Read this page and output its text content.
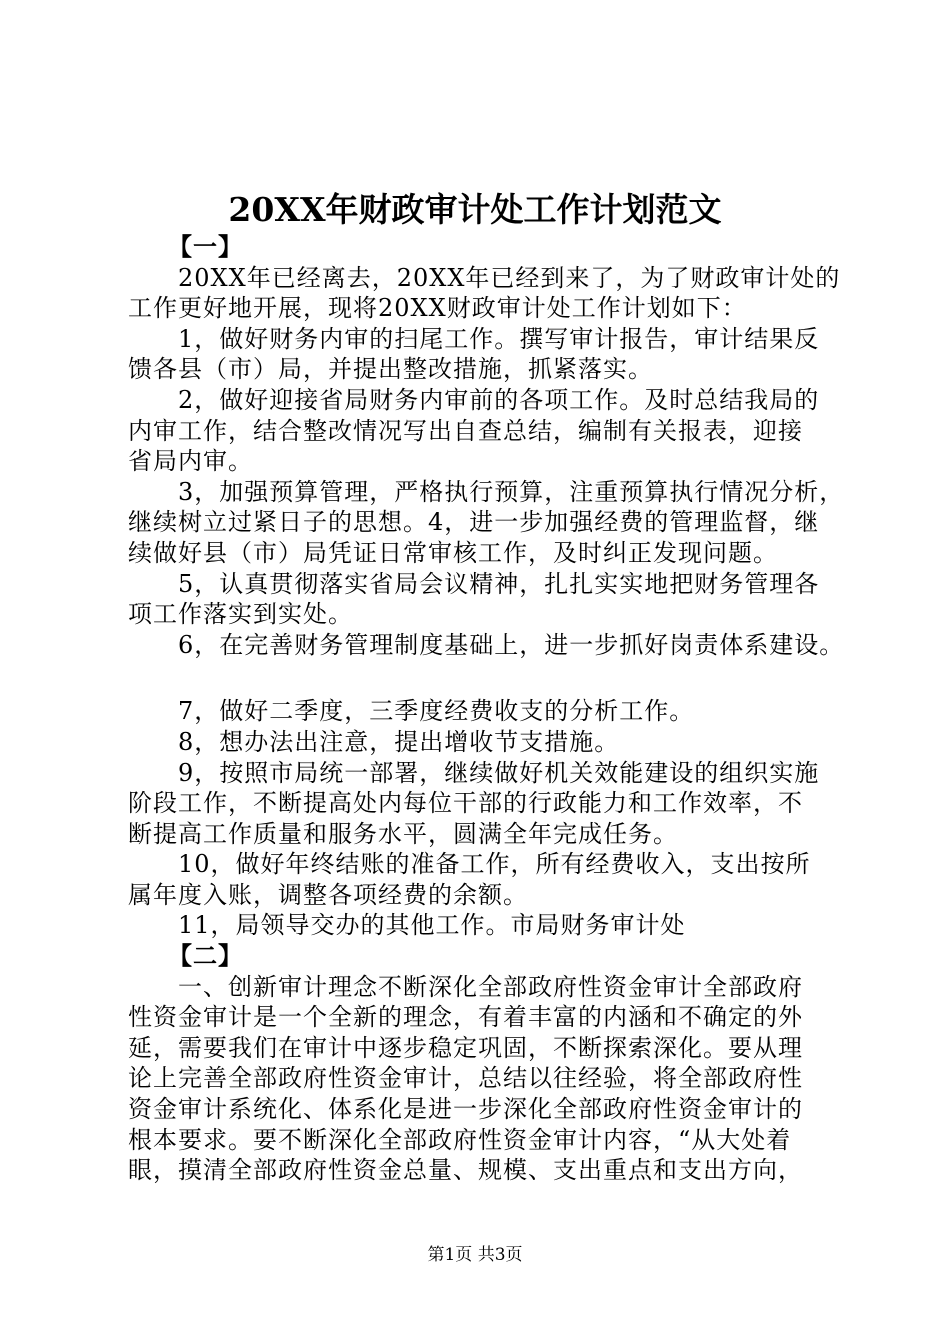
20XX年财政审计处工作计划范文
【一】
20XX年已经离去，20XX年已经到来了，为了财政审计处的
工作更好地开展，现将20XX财政审计处工作计划如下：
1，做好财务内审的扫尾工作。撰写审计报告，审计结果反
馈各县（市）局，并提出整改措施，抓紧落实。
2，做好迎接省局财务内审前的各项工作。及时总结我局的
内审工作，结合整改情况写出自查总结，编制有关报表，迎接
省局内审。
3，加强预算管理，严格执行预算，注重预算执行情况分析，
继续树立过紧日子的思想。4，进一步加强经费的管理监督，继
续做好县（市）局凭证日常审核工作，及时纠正发现问题。
5，认真贯彻落实省局会议精神，扎扎实实地把财务管理各
项工作落实到实处。
6，在完善财务管理制度基础上，进一步抓好岗责体系建设。
7，做好二季度，三季度经费收支的分析工作。
8，想办法出注意，提出增收节支措施。
9，按照市局统一部署，继续做好机关效能建设的组织实施
阶段工作，不断提高处内每位干部的行政能力和工作效率，不
断提高工作质量和服务水平，圆满全年完成任务。
10，做好年终结账的准备工作，所有经费收入，支出按所
属年度入账，调整各项经费的余额。
11，局领导交办的其他工作。市局财务审计处
【二】
一、创新审计理念不断深化全部政府性资金审计全部政府
性资金审计是一个全新的理念，有着丰富的内涵和不确定的外
延，需要我们在审计中逐步稳定巩固，不断探索深化。要从理
论上完善全部政府性资金审计，总结以往经验，将全部政府性
资金审计系统化、体系化是进一步深化全部政府性资金审计的
根本要求。要不断深化全部政府性资金审计内容，“从大处着
眼，摸清全部政府性资金总量、规模、支出重点和支出方向，
第1页 共3页
